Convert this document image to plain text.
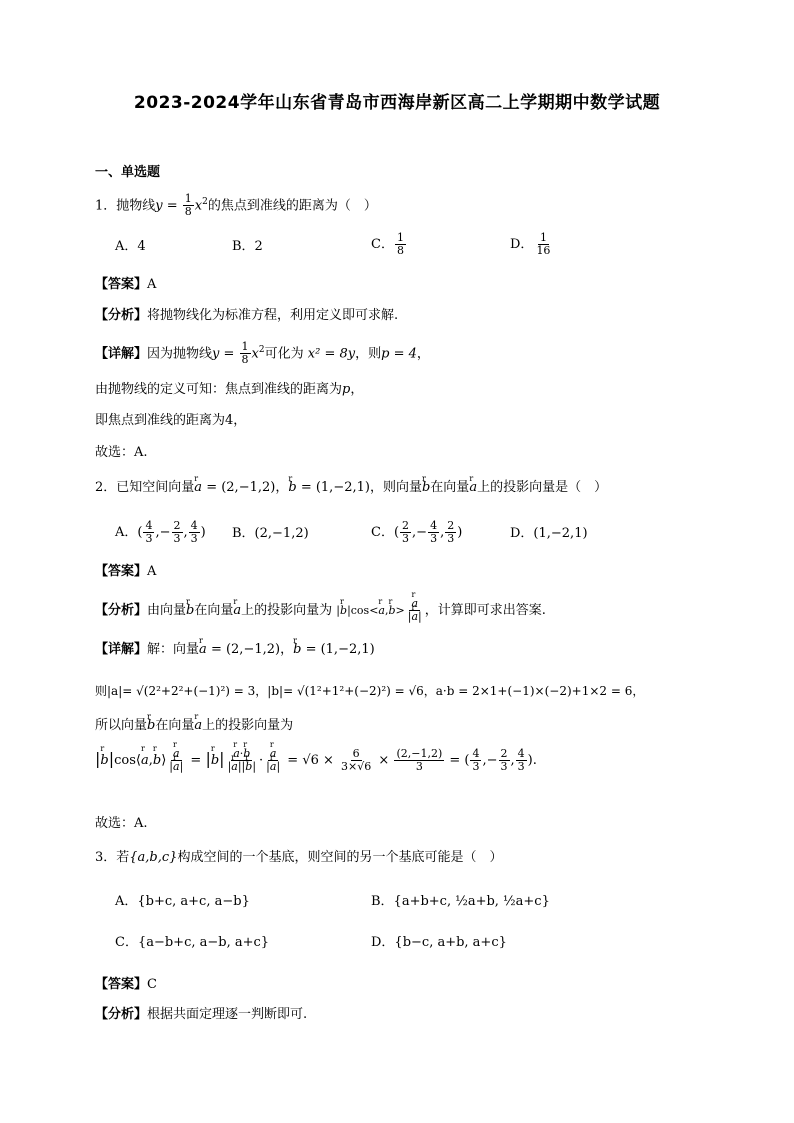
2023-2024学年山东省青岛市西海岸新区高二上学期期中数学试题
一、单选题
1．抛物线$y = \frac{1}{8} x^2$的焦点到准线的距离为（　）
A．4	B．2	C． $\frac{1}{8}$	D． $\frac{1}{16}$
【答案】A
【分析】将抛物线化为标准方程，利用定义即可求解.
【详解】因为抛物线$y = \frac{1}{8} x^2$可化为 x² = 8y，则p = 4，
由抛物线的定义可知：焦点到准线的距离为p，
即焦点到准线的距离为4，
故选：A.
2．已知空间向量r a = (2,−1,2)，r b = (1,−2,1)，则向量r b在向量r a上的投影向量是（　）
A．( $\frac{4}{3}$ ,− $\frac{2}{3}$ , $\frac{4}{3}$ ) B．(2,−1,2)	C．( $\frac{2}{3}$ ,− $\frac{4}{3}$ , $\frac{2}{3}$ )	D．(1,−2,1)
【答案】A
【分析】由向量r b在向量r a上的投影向量为 |r b|cos<r a,r b>
r $\frac{a}{\text{|r a|}}$ ，计算即可求出答案.
【详解】解：向量r a = (2,−1,2)，r b = (1,−2,1)
则|a|= √(2²+2²+(−1)²) = 3，|b|= √(1²+1²+(−2)²) = √6，a·b = 2×1+(−1)×(−2)+1×2 = 6，
所以向量r b在向量r a上的投影向量为
|r b|cos⟨r a,r b⟩
r $\frac{a}{\text{|r a|}} = |r$ b|
r $\frac{\text{a·r b}}{\text{|r a||r b|}}$ ·
r $\frac{a}{\text{|r a|}} = √6 \times \frac{6}{3\times√6} \times \frac{(2,-1,2)}{3}$ = ( $\frac{4}{3}$ ,− $\frac{2}{3}$ , $\frac{4}{3}$ ).
故选：A.
3．若{a,b,c}构成空间的一个基底，则空间的另一个基底可能是（　）
A．{b+c, a+c, a−b}	B．{a+b+c, ½a+b, ½a+c}
C．{a−b+c, a−b, a+c}	D．{b−c, a+b, a+c}
【答案】C
【分析】根据共面定理逐一判断即可.
